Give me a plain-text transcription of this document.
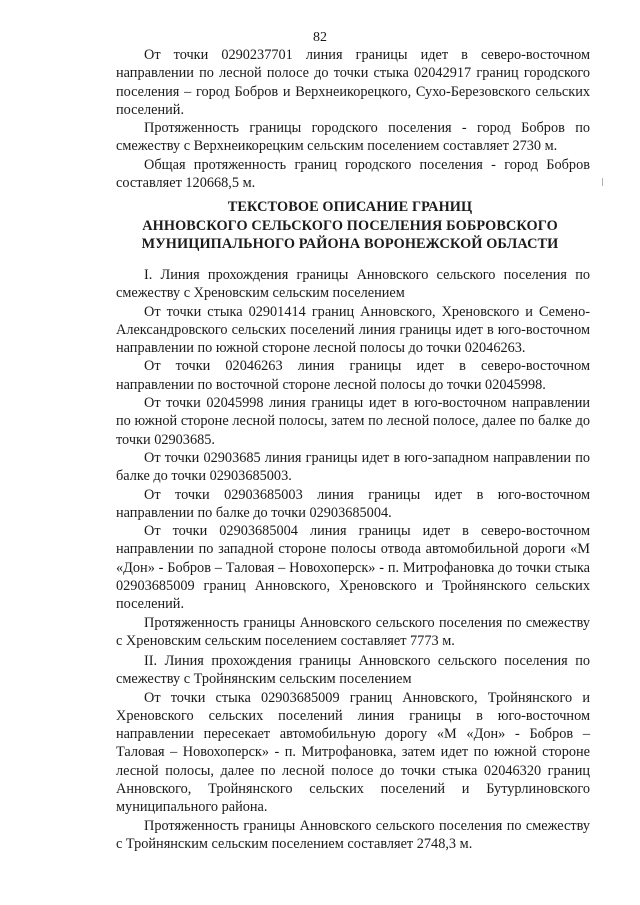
82

От точки 0290237701 линия границы идет в северо-восточном направлении по лесной полосе до точки стыка 02042917 границ городского поселения – город Бобров и Верхнеикорецкого, Сухо-Березовского сельских поселений.

Протяженность границы городского поселения - город Бобров по смежеству с Верхнеикорецким сельским поселением составляет 2730 м.

Общая протяженность границ городского поселения - город Бобров составляет 120668,5 м.

ТЕКСТОВОЕ ОПИСАНИЕ ГРАНИЦ
АННОВСКОГО СЕЛЬСКОГО ПОСЕЛЕНИЯ БОБРОВСКОГО
МУНИЦИПАЛЬНОГО РАЙОНА ВОРОНЕЖСКОЙ ОБЛАСТИ

I. Линия прохождения границы Анновского сельского поселения по смежеству с Хреновским сельским поселением

От точки стыка 02901414 границ Анновского, Хреновского и Семено-Александровского сельских поселений линия границы идет в юго-восточном направлении по южной стороне лесной полосы до точки 02046263.

От точки 02046263 линия границы идет в северо-восточном направлении по восточной стороне лесной полосы до точки 02045998.

От точки 02045998 линия границы идет в юго-восточном направлении по южной стороне лесной полосы, затем по лесной полосе, далее по балке до точки 02903685.

От точки 02903685 линия границы идет в юго-западном направлении по балке до точки 02903685003.

От точки 02903685003 линия границы идет в юго-восточном направлении по балке до точки 02903685004.

От точки 02903685004 линия границы идет в северо-восточном направлении по западной стороне полосы отвода автомобильной дороги «М «Дон» - Бобров – Таловая – Новохоперск» - п. Митрофановка до точки стыка 02903685009 границ Анновского, Хреновского и Тройнянского сельских поселений.

Протяженность границы Анновского сельского поселения по смежеству с Хреновским сельским поселением составляет 7773 м.

II. Линия прохождения границы Анновского сельского поселения по смежеству с Тройнянским сельским поселением

От точки стыка 02903685009 границ Анновского, Тройнянского и Хреновского сельских поселений линия границы в юго-восточном направлении пересекает автомобильную дорогу «М «Дон» - Бобров – Таловая – Новохоперск» - п. Митрофановка, затем идет по южной стороне лесной полосы, далее по лесной полосе до точки стыка 02046320 границ Анновского, Тройнянского сельских поселений и Бутурлиновского муниципального района.

Протяженность границы Анновского сельского поселения по смежеству с Тройнянским сельским поселением составляет 2748,3 м.
